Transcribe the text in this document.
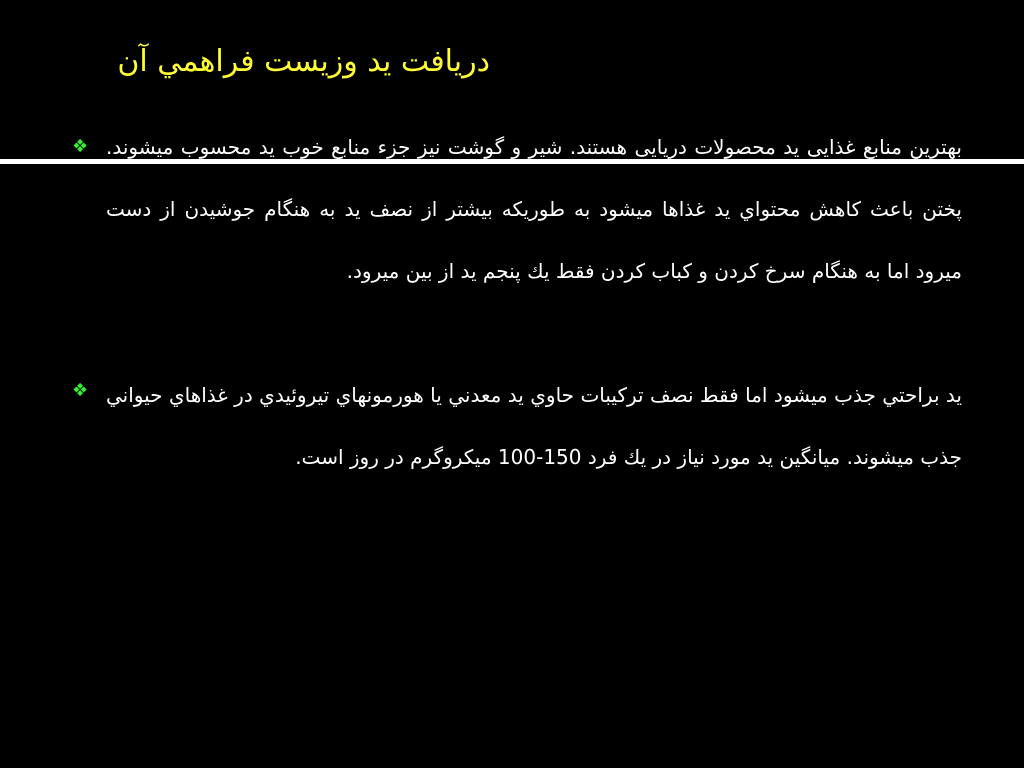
دريافت يد وزيست فراهمي آن
❖ بهترین منابع غذایی ید محصولات دریایی هستند. شیر و گوشت نیز جزء منابع خوب ید محسوب میشوند. پختن باعث کاهش محتواي يد غذاها ميشود به طوريكه بيشتر از نصف يد به هنگام جوشيدن از دست ميرود اما به هنگام سرخ كردن و كباب كردن فقط يك پنجم يد از بين ميرود.
❖ يد براحتي جذب ميشود اما فقط نصف تركيبات حاوي يد معدني يا هورمونهاي تيروئيدي در غذاهاي حيواني جذب ميشوند. ميانگين يد مورد نياز در يك فرد 150-100 ميكروگرم در روز است.
